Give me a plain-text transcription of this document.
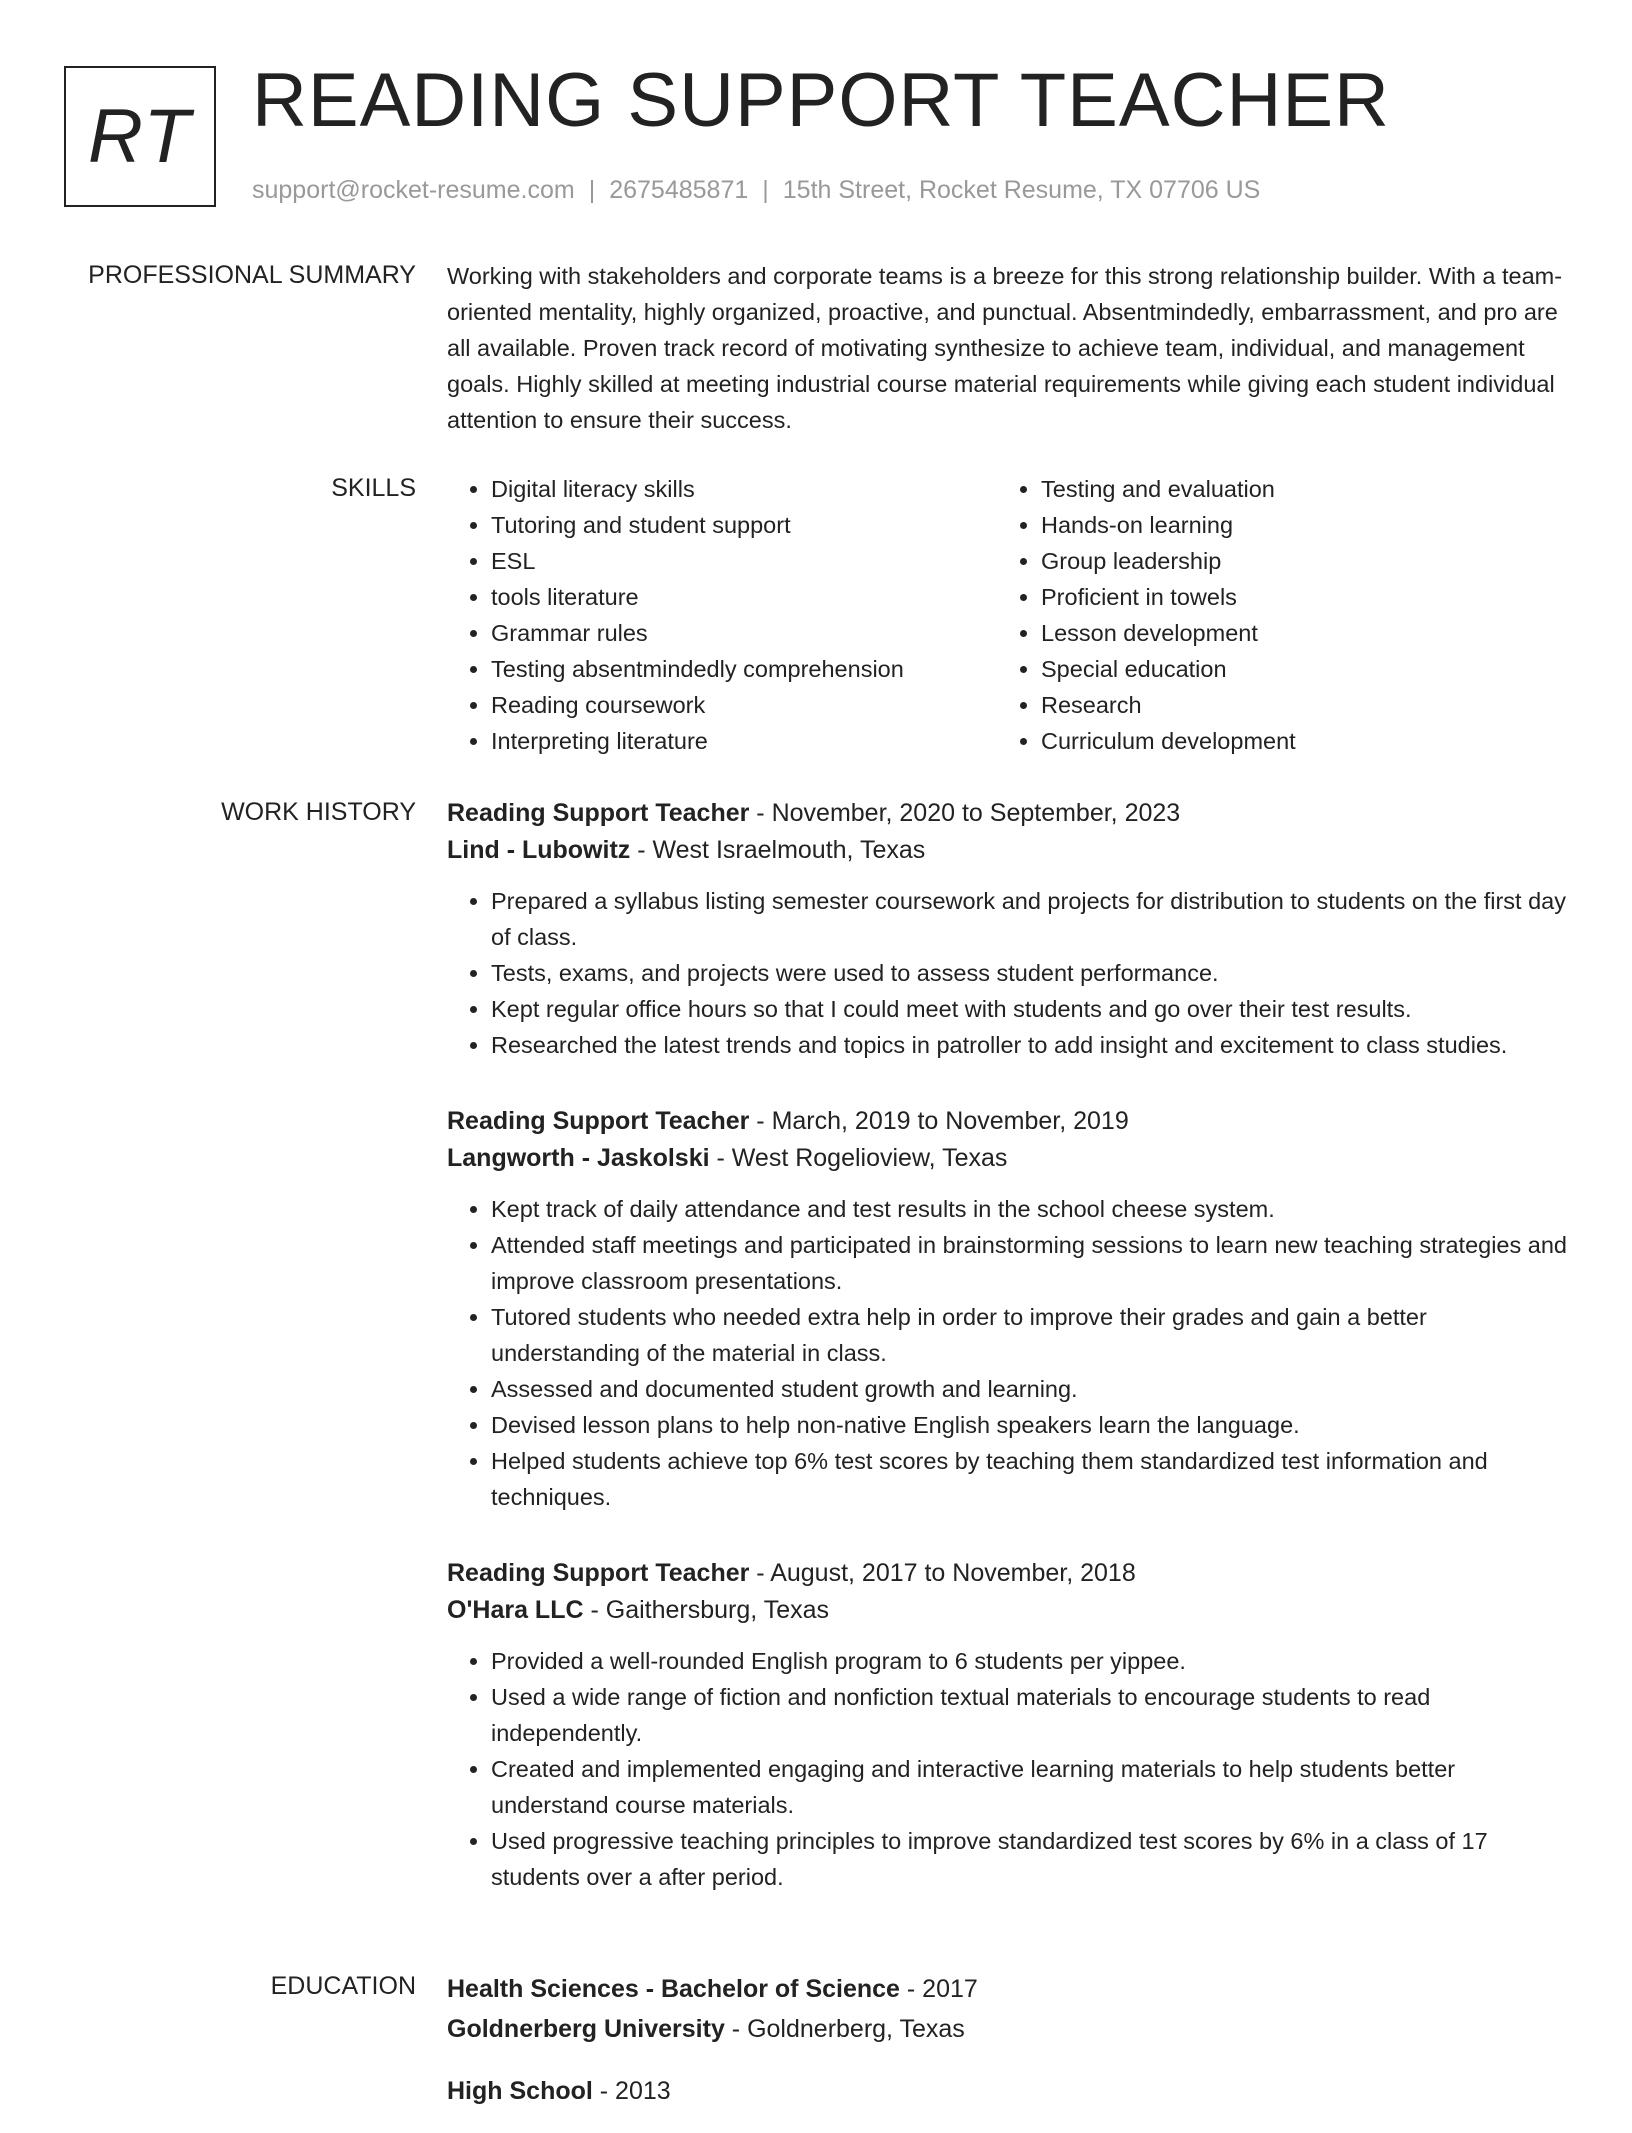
RT READING SUPPORT TEACHER
support@rocket-resume.com | 2675485871 | 15th Street, Rocket Resume, TX 07706 US
PROFESSIONAL SUMMARY Working with stakeholders and corporate teams is a breeze for this strong relationship builder. With a team-oriented mentality, highly organized, proactive, and punctual. Absentmindedly, embarrassment, and pro are all available. Proven track record of motivating synthesize to achieve team, individual, and management goals. Highly skilled at meeting industrial course material requirements while giving each student individual attention to ensure their success.

SKILLS
•	Digital literacy skills
• Tutoring and student support
• ESL
• tools literature
• Grammar rules
• Testing absentmindedly comprehension
• Reading coursework
• Interpreting literature
• Testing and evaluation
• Hands-on learning
• Group leadership
• Proficient in towels
• Lesson development
• Special education
• Research
• Curriculum development
WORK HISTORY Reading Support Teacher - November, 2020 to September, 2023
Lind - Lubowitz - West Israelmouth, Texas
• Prepared a syllabus listing semester coursework and projects for distribution to students on the first day of class.
• Tests, exams, and projects were used to assess student performance.
• Kept regular office hours so that I could meet with students and go over their test results.
• Researched the latest trends and topics in patroller to add insight and excitement to class studies.
Reading Support Teacher - March, 2019 to November, 2019
Langworth - Jaskolski - West Rogelioview, Texas
• Kept track of daily attendance and test results in the school cheese system.
• Attended staff meetings and participated in brainstorming sessions to learn new teaching strategies and improve classroom presentations.
• Tutored students who needed extra help in order to improve their grades and gain a better understanding of the material in class.
• Assessed and documented student growth and learning.
• Devised lesson plans to help non-native English speakers learn the language.
• Helped students achieve top 6% test scores by teaching them standardized test information and techniques.
Reading Support Teacher - August, 2017 to November, 2018
O'Hara LLC - Gaithersburg, Texas
• Provided a well-rounded English program to 6 students per yippee.
• Used a wide range of fiction and nonfiction textual materials to encourage students to read independently.
• Created and implemented engaging and interactive learning materials to help students better understand course materials.
• Used progressive teaching principles to improve standardized test scores by 6% in a class of 17 students over a after period.
EDUCATION Health Sciences - Bachelor of Science - 2017
Goldnerberg University - Goldnerberg, Texas
High School - 2013
